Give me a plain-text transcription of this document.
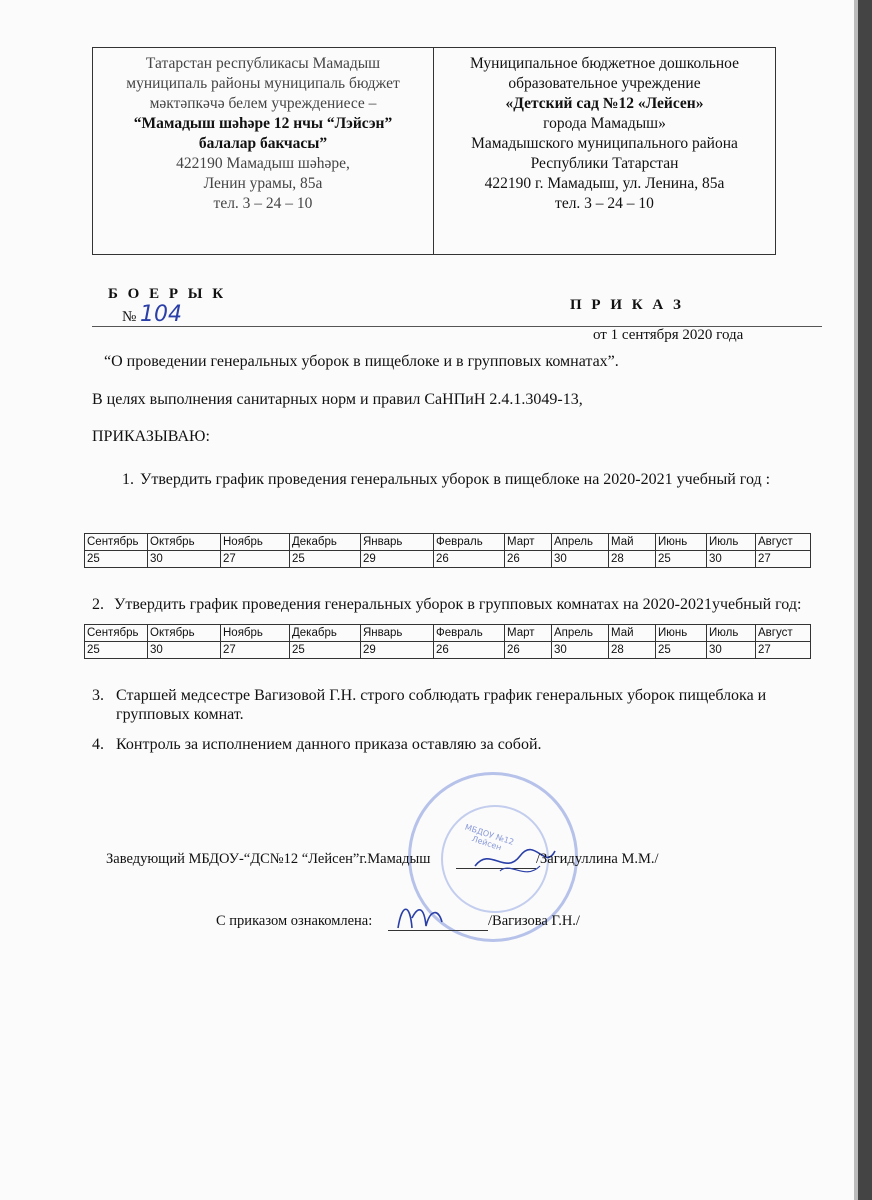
Татарстан республикасы Мамадыш
муниципаль районы муниципаль бюджет
мәктәпкәчә белем учреждениесе –
“Мамадыш шәһәре 12 нчы “Лэйсэн”
балалар бакчасы”
422190 Мамадыш шәһәре,
Ленин урамы, 85а
тел. 3 – 24 – 10
Муниципальное бюджетное дошкольное
образовательное учреждение
«Детский сад №12 «Лейсен»
города Мамадыш»
Мамадышского муниципального района
Республики Татарстан
422190 г. Мамадыш, ул. Ленина, 85а
тел. 3 – 24 – 10
Б О Е Р Ы К
П Р И К А З
№ 104
от 1 сентября 2020 года
“О проведении генеральных уборок в пищеблоке и в групповых комнатах”.
В целях выполнения санитарных норм и правил СаНПиН 2.4.1.3049-13,
ПРИКАЗЫВАЮ:
1. Утвердить график проведения генеральных уборок в пищеблоке на 2020-2021 учебный год :
Сентябрь	Октябрь	Ноябрь	Декабрь	Январь	Февраль	Март	Апрель	Май	Июнь	Июль	Август
25	30	27	25	29	26	26	30	28	25	30	27
2. Утвердить график проведения генеральных уборок в групповых комнатах на 2020-2021учебный год:
Сентябрь	Октябрь	Ноябрь	Декабрь	Январь	Февраль	Март	Апрель	Май	Июнь	Июль	Август
25	30	27	25	29	26	26	30	28	25	30	27
3. Старшей медсестре Вагизовой Г.Н. строго соблюдать график генеральных уборок пищеблока и групповых комнат.
4. Контроль за исполнением данного приказа оставляю за собой.
МБДОУ №12 Лейсен
Заведующий МБДОУ-“ДС№12 “Лейсен”г.Мамадыш	/Загидуллина М.М./
С приказом ознакомлена:	/Вагизова Г.Н./
